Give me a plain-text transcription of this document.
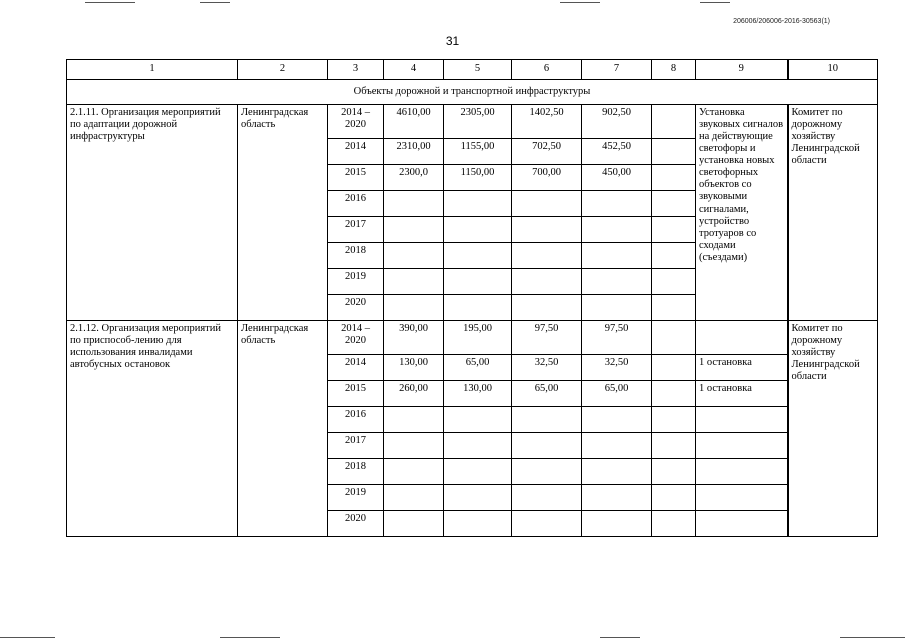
206006/206006-2016-30563(1)
31
1	2	3	4	5	6	7	8	9	10
Объекты дорожной и транспортной инфраструктуры									
2.1.11. Организация мероприятий по адаптации дорожной инфраструктуры	Ленинградская область	2014 – 2020	4610,00	2305,00	1402,50	902,50		Установка звуковых сигналов на действующие светофоры и установка новых светофорных объектов со звуковыми сигналами, устройство тротуаров со сходами (съездами)	Комитет по дорожному хозяйству Ленинградской области
		2014	2310,00	1155,00	702,50	452,50			
		2015	2300,0	1150,00	700,00	450,00			
		2016							
		2017							
		2018							
		2019							
		2020							
2.1.12. Организация мероприятий по приспособ-лению для использования инвалидами автобусных остановок	Ленинградская область	2014 – 2020	390,00	195,00	97,50	97,50			Комитет по дорожному хозяйству Ленинградской области
		2014	130,00	65,00	32,50	32,50		1 остановка	
		2015	260,00	130,00	65,00	65,00		1 остановка	
		2016							
		2017							
		2018							
		2019							
		2020							
